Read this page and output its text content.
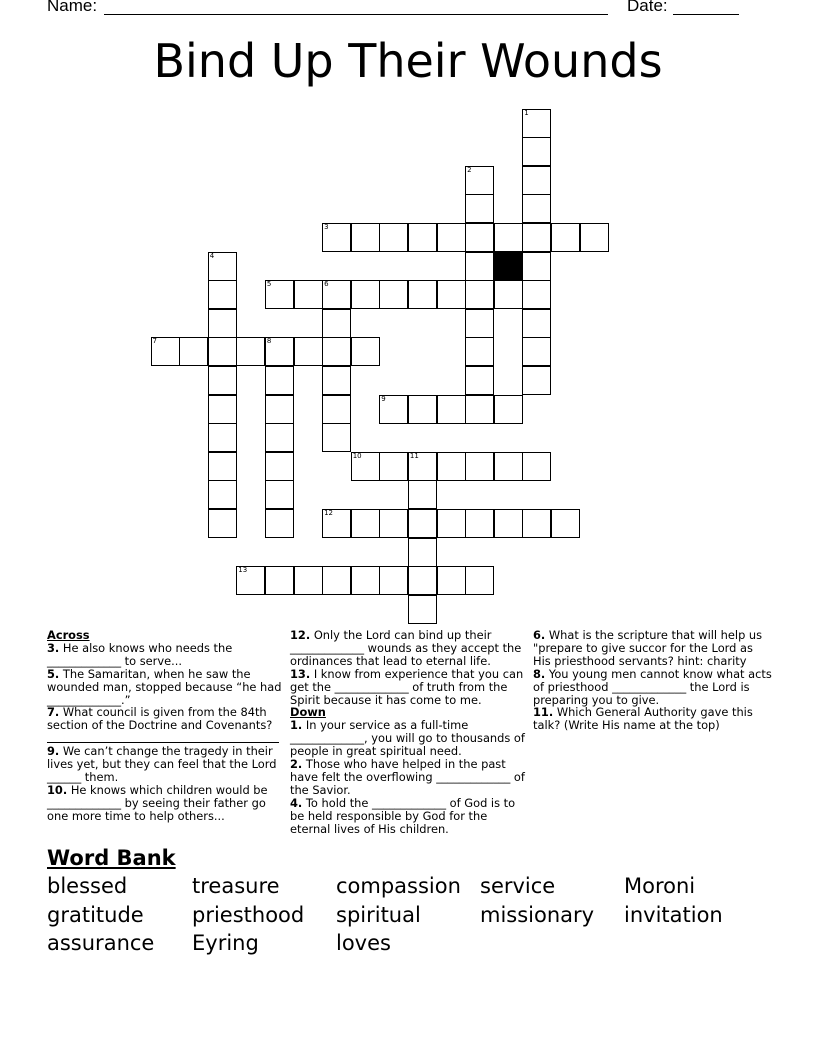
Name:	Date:
Bind Up Their Wounds
3
5	6
7	8
9
10	11
12
13
1
2
4

Across

3. He also knows who needs the _____________ to serve...

5. The Samaritan, when he saw the wounded man, stopped because “he had _____________.”

7. What council is given from the 84th section of the Doctrine and Covenants?

9. We can’t change the tragedy in their lives yet, but they can feel that the Lord ______ them.

10. He knows which children would be _____________ by seeing their father go one more time to help others...

12. Only the Lord can bind up their _____________ wounds as they accept the ordinances that lead to eternal life.

13. I know from experience that you can get the _____________ of truth from the Spirit because it has come to me.

Down

1. In your service as a full-time _____________, you will go to thousands of people in great spiritual need.

2. Those who have helped in the past have felt the overflowing _____________ of the Savior.

4. To hold the _____________ of God is to be held responsible by God for the eternal lives of His children.

6. What is the scripture that will help us "prepare to give succor for the Lord as His priesthood servants? hint: charity

8. You young men cannot know what acts of priesthood _____________ the Lord is preparing you to give.

11. Which General Authority gave this talk? (Write His name at the top)

Word Bank
blessed	treasure	compassion service	Moroni
gratitude priesthood spiritual	missionary invitation
assurance Eyring	loves
